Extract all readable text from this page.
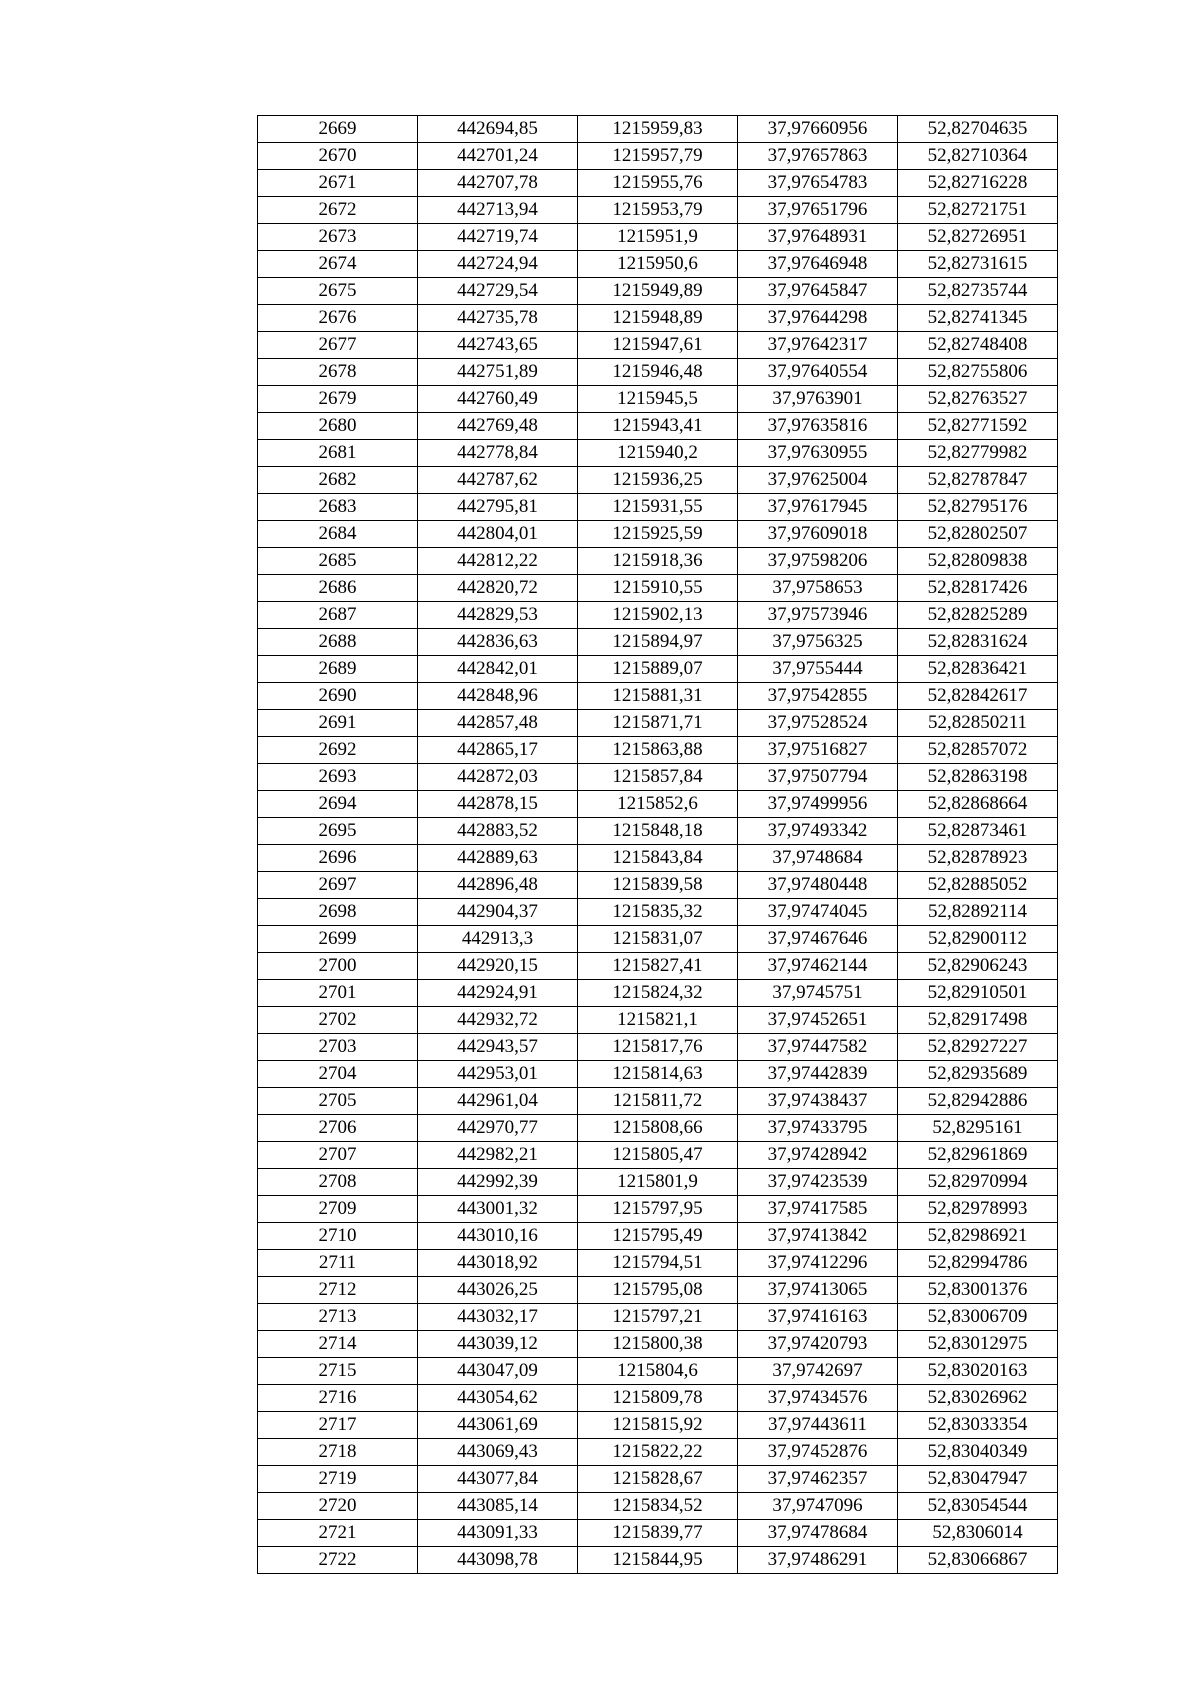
2669	442694,85	1215959,83	37,97660956	52,82704635
2670	442701,24	1215957,79	37,97657863	52,82710364
2671	442707,78	1215955,76	37,97654783	52,82716228
2672	442713,94	1215953,79	37,97651796	52,82721751
2673	442719,74	1215951,9	37,97648931	52,82726951
2674	442724,94	1215950,6	37,97646948	52,82731615
2675	442729,54	1215949,89	37,97645847	52,82735744
2676	442735,78	1215948,89	37,97644298	52,82741345
2677	442743,65	1215947,61	37,97642317	52,82748408
2678	442751,89	1215946,48	37,97640554	52,82755806
2679	442760,49	1215945,5	37,9763901	52,82763527
2680	442769,48	1215943,41	37,97635816	52,82771592
2681	442778,84	1215940,2	37,97630955	52,82779982
2682	442787,62	1215936,25	37,97625004	52,82787847
2683	442795,81	1215931,55	37,97617945	52,82795176
2684	442804,01	1215925,59	37,97609018	52,82802507
2685	442812,22	1215918,36	37,97598206	52,82809838
2686	442820,72	1215910,55	37,9758653	52,82817426
2687	442829,53	1215902,13	37,97573946	52,82825289
2688	442836,63	1215894,97	37,9756325	52,82831624
2689	442842,01	1215889,07	37,9755444	52,82836421
2690	442848,96	1215881,31	37,97542855	52,82842617
2691	442857,48	1215871,71	37,97528524	52,82850211
2692	442865,17	1215863,88	37,97516827	52,82857072
2693	442872,03	1215857,84	37,97507794	52,82863198
2694	442878,15	1215852,6	37,97499956	52,82868664
2695	442883,52	1215848,18	37,97493342	52,82873461
2696	442889,63	1215843,84	37,9748684	52,82878923
2697	442896,48	1215839,58	37,97480448	52,82885052
2698	442904,37	1215835,32	37,97474045	52,82892114
2699	442913,3	1215831,07	37,97467646	52,82900112
2700	442920,15	1215827,41	37,97462144	52,82906243
2701	442924,91	1215824,32	37,9745751	52,82910501
2702	442932,72	1215821,1	37,97452651	52,82917498
2703	442943,57	1215817,76	37,97447582	52,82927227
2704	442953,01	1215814,63	37,97442839	52,82935689
2705	442961,04	1215811,72	37,97438437	52,82942886
2706	442970,77	1215808,66	37,97433795	52,8295161
2707	442982,21	1215805,47	37,97428942	52,82961869
2708	442992,39	1215801,9	37,97423539	52,82970994
2709	443001,32	1215797,95	37,97417585	52,82978993
2710	443010,16	1215795,49	37,97413842	52,82986921
2711	443018,92	1215794,51	37,97412296	52,82994786
2712	443026,25	1215795,08	37,97413065	52,83001376
2713	443032,17	1215797,21	37,97416163	52,83006709
2714	443039,12	1215800,38	37,97420793	52,83012975
2715	443047,09	1215804,6	37,9742697	52,83020163
2716	443054,62	1215809,78	37,97434576	52,83026962
2717	443061,69	1215815,92	37,97443611	52,83033354
2718	443069,43	1215822,22	37,97452876	52,83040349
2719	443077,84	1215828,67	37,97462357	52,83047947
2720	443085,14	1215834,52	37,9747096	52,83054544
2721	443091,33	1215839,77	37,97478684	52,8306014
2722	443098,78	1215844,95	37,97486291	52,83066867
